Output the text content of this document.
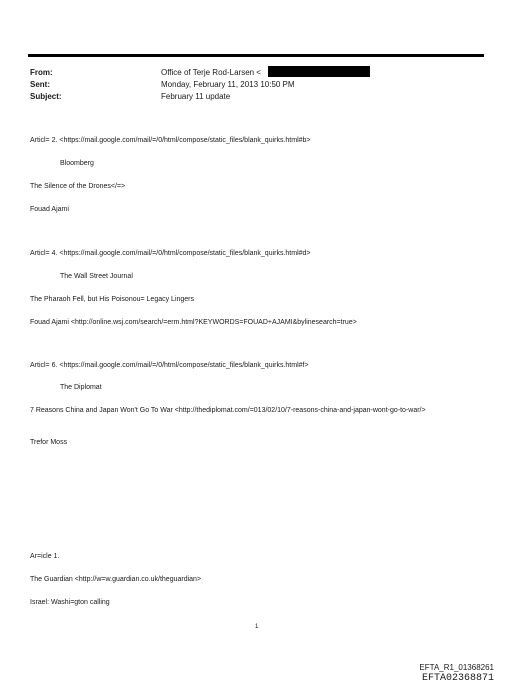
From:	Office of Terje Rod-Larsen <
Sent:	Monday, February 11, 2013 10:50 PM
Subject:	February 11 update
Articl= 2. <https://mail.google.com/mail/=/0/html/compose/static_files/blank_quirks.html#b>
Bloomberg
The Silence of the Drones</=>
Fouad Ajami
Articl= 4. <https://mail.google.com/mail/=/0/html/compose/static_files/blank_quirks.html#d>
The Wall Street Journal
The Pharaoh Fell, but His Poisonou= Legacy Lingers
Fouad Ajami <http://online.wsj.com/search/=erm.html?KEYWORDS=FOUAD+AJAMI&bylinesearch=true>
Articl= 6. <https://mail.google.com/mail/=/0/html/compose/static_files/blank_quirks.html#f>
The Diplomat
7 Reasons China and Japan Won't Go To War <http://thediplomat.com/=013/02/10/7-reasons-china-and-japan-wont-go-to-war/>
Trefor Moss
Ar=icle 1.
The Guardian <http://w=w.guardian.co.uk/theguardian>
Israel: Washi=gton calling
1
EFTA_R1_01368261
EFTA02368871
